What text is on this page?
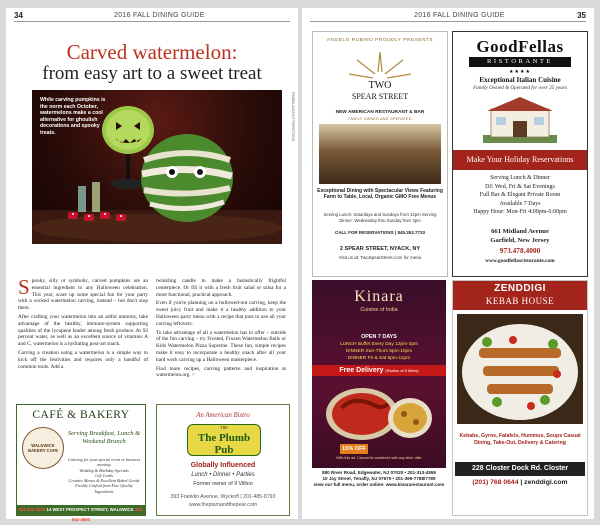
34	2016 FALL DINING GUIDE
Carved watermelon:
from easy art to a sweet treat
While carving pumpkins is the norm each October, watermelons make a cool alternative for ghoulish decorations and spooky treats.	PAMELA/SHUTTERSTOCK

Spooky, silly or symbolic, carved pumpkins are an essential ingredient to any Halloween celebration. This year, scare up some special fun for your party with a wicked watermelon carving, instead – but don't stop there.

After crafting your watermelon into an artful mummy, take advantage of the healthy, immune-system supporting qualities of the lycopene leader among fresh produce. At 92 percent water, as well as an excellent source of vitamins A and C, watermelon is a hydrating post-art snack.

Carving a creation using a watermelon is a simple way to kick off the festivities and requires only a handful of common tools. Add a

twinkling candle to make a fantastically frightful centerpiece. Or fill it with a fresh fruit salad or salsa for a more functional, practical approach.

Even if you're planning on a hollowed-out carving, keep the sweet juicy fruit and make it a healthy addition to your Halloween party menu with a recipe that puts to use all your carving leftovers.

To take advantage of all a watermelon has to offer – outside of the fun carving – try Frosted, Frozen Watermelon Balls or Kids Watermelon Pizza Supreme. These fun, simple recipes make it easy to incorporate a healthy snack after all your hard work carving up a Halloween masterpiece.

Find more recipes, carving patterns and inspiration at watermelon.org. >

CAFÉ & BAKERY
WALDWICK BAKERY CAFE
Serving Breakfast, Lunch & Weekend Brunch
Catering for your special event or business meeting
Wedding & Birthday Specials
Gift Cards
Creative Menus & Excellent Baked Goods
Freshly Crafted from Fine Quality Ingredients
201-652-4680 14 WEST PROSPECT STREET, WALDWICK 201-652-4680
An American Bistro
THE
The Plumb Pub
Globally Influenced
Lunch • Dinner • Parties
Former owner of Il Villino
393 Franklin Avenue, Wyckoff | 201-485-8793
www.theplumandthepear.com
2016 FALL DINING GUIDE	35
ANGELO RUBINO PROUDLY PRESENTS
TWO
SPEAR STREET
NEW AMERICAN RESTAURANT & BAR
FAMILY OWNED AND OPERATED
Exceptional Dining with Spectacular Views Featuring Farm to Table, Local, Organic GMO Free Menus
Serving Lunch: Saturdays and Sundays from 12pm Serving Dinner: Wednesday thru Sunday from 4pm
CALL FOR RESERVATIONS | 845.353.7733
2 SPEAR STREET, NYACK, NY
Visit us at: TwoSpearStreet.com for menu
GoodFellas
RISTORANTE
★★★★
Exceptional Italian Cuisine
Family Owned & Operated for over 25 years
Make Your Holiday Reservations
Serving Lunch & Dinner
DJ: Wed, Fri & Sat Evenings
Full Bar & Elegant Private Room
Available 7 Days
Happy Hour: Mon-Fri 4:00pm-6:00pm
661 Midland Avenue
Garfield, New Jersey
973.478.4000
www.goodfellasristorante.com
Kinara
Cuisine of India
OPEN 7 DAYS
LUNCH Buffet Every Day 12pm-3pm
DINNER Sun-Thurs 5pm-10pm
DINNER Fri & Sat 5pm-11pm
Free Delivery (Radius of 5 Miles)
15% OFF
With this ad. Cannot be combined with any other offer
880 River Road, Edgewater, NJ 07020 • 201-313-4555
10 Jay Street, Tenafly, NJ 07670 • 201-399-7788/7789
view our full menu, order online: www.kinararestaurant.com
ZENDDIGI
KEBAB HOUSE
Kebabs, Gyros, Falafels, Hummus, Soups Casual Dining, Take-Out, Delivery & Catering
228 Closter Dock Rd. Closter
(201) 768 0644 | zenddigi.com
